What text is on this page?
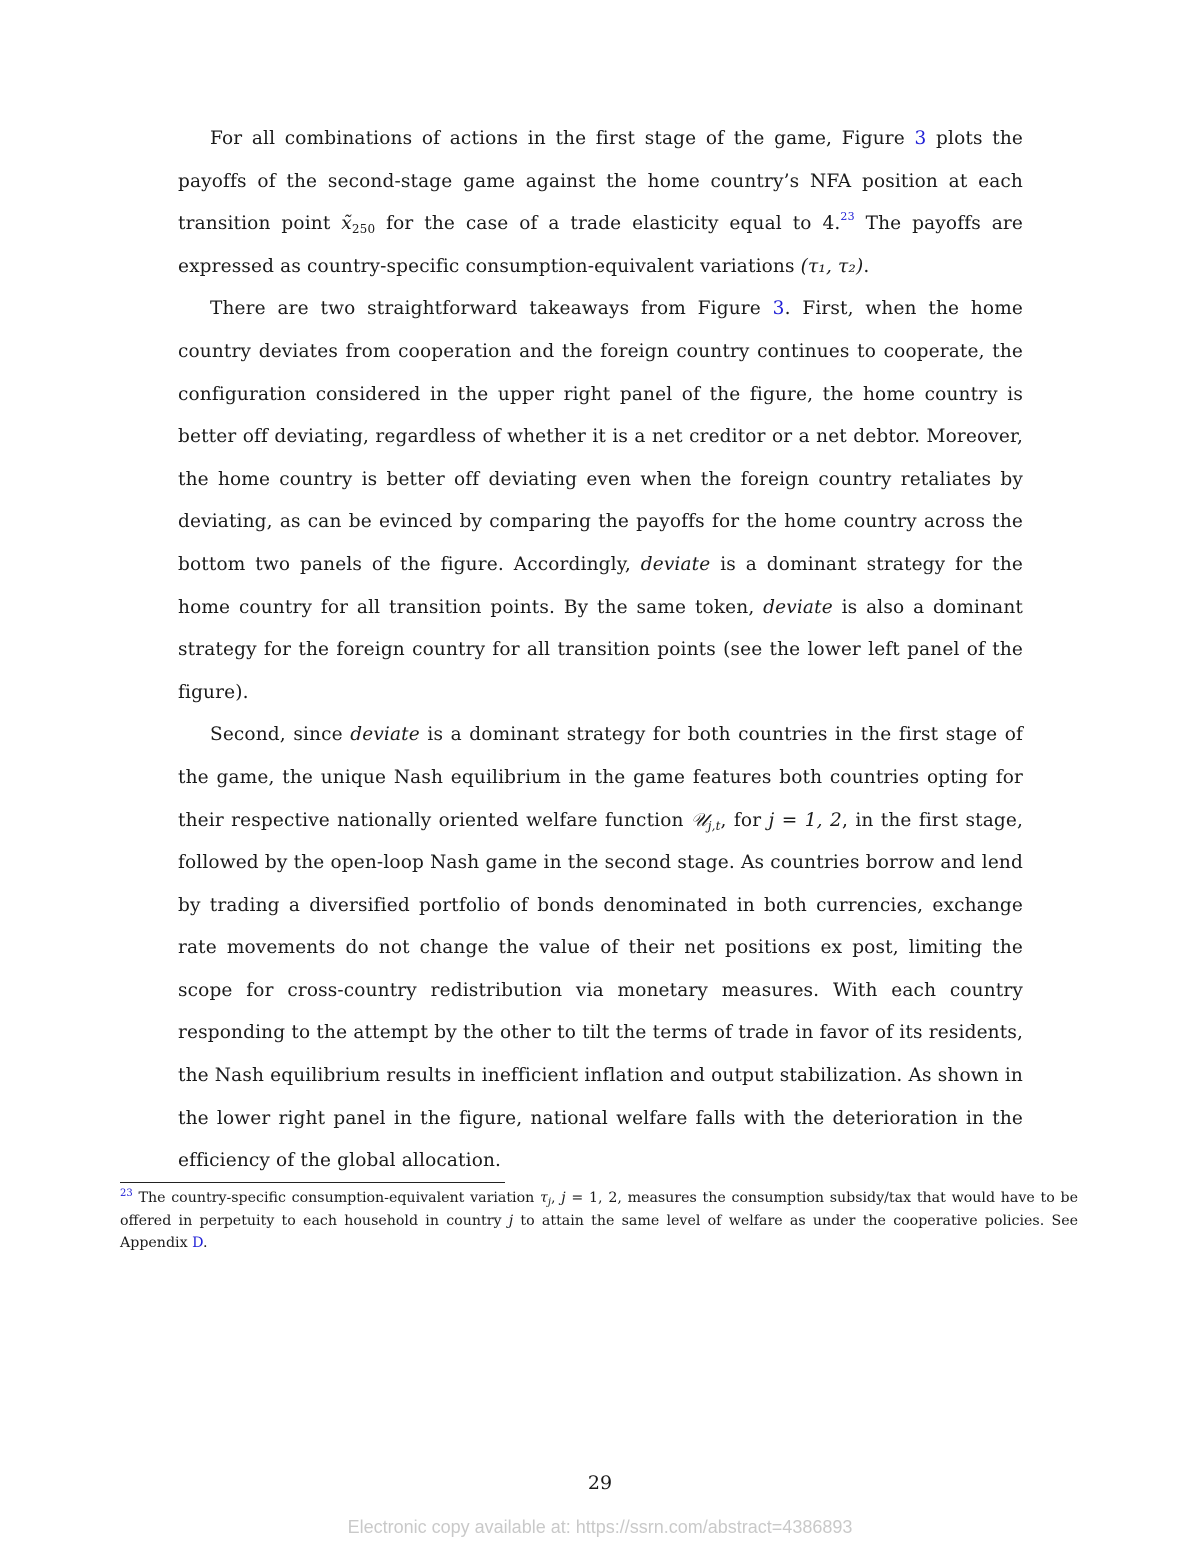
For all combinations of actions in the first stage of the game, Figure 3 plots the payoffs of the second-stage game against the home country’s NFA position at each transition point $x̃_{250}$ for the case of a trade elasticity equal to 4.23 The payoffs are expressed as country-specific consumption-equivalent variations (τ₁, τ₂).

There are two straightforward takeaways from Figure 3. First, when the home country deviates from cooperation and the foreign country continues to cooperate, the configuration considered in the upper right panel of the figure, the home country is better off deviating, regardless of whether it is a net creditor or a net debtor. Moreover, the home country is better off deviating even when the foreign country retaliates by deviating, as can be evinced by comparing the payoffs for the home country across the bottom two panels of the figure. Accordingly, deviate is a dominant strategy for the home country for all transition points. By the same token, deviate is also a dominant strategy for the foreign country for all transition points (see the lower left panel of the figure).

Second, since deviate is a dominant strategy for both countries in the first stage of the game, the unique Nash equilibrium in the game features both countries opting for their respective nationally oriented welfare function 𝒰$_{j,t}$, for j = 1, 2, in the first stage, followed by the open-loop Nash game in the second stage. As countries borrow and lend by trading a diversified portfolio of bonds denominated in both currencies, exchange rate movements do not change the value of their net positions ex post, limiting the scope for cross-country redistribution via monetary measures. With each country responding to the attempt by the other to tilt the terms of trade in favor of its residents, the Nash equilibrium results in inefficient inflation and output stabilization. As shown in the lower right panel in the figure, national welfare falls with the deterioration in the efficiency of the global allocation.

$^{23}$ The country-specific consumption-equivalent variation $\tau_j$, j = 1, 2, measures the consumption subsidy/tax that would have to be offered in perpetuity to each household in country j to attain the same level of welfare as under the cooperative policies. See Appendix D.
29
Electronic copy available at: https://ssrn.com/abstract=4386893
